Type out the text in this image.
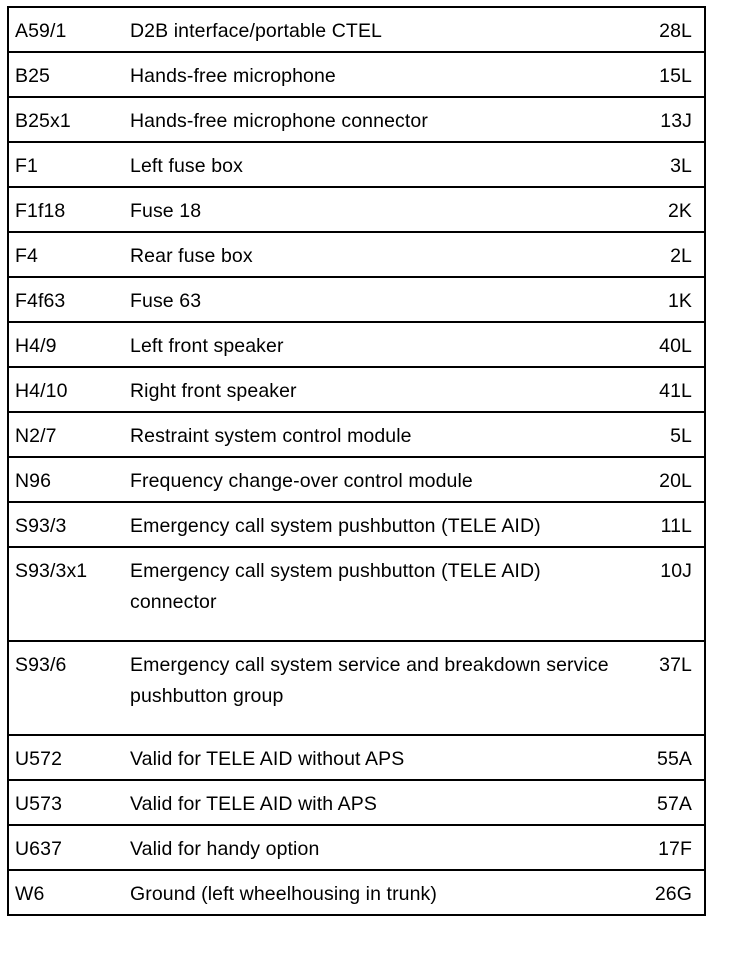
A59/1	D2B interface/portable CTEL	28L
B25	Hands-free microphone	15L
B25x1	Hands-free microphone connector	13J
F1	Left fuse box	3L
F1f18	Fuse 18	2K
F4	Rear fuse box	2L
F4f63	Fuse 63	1K
H4/9	Left front speaker	40L
H4/10	Right front speaker	41L
N2/7	Restraint system control module	5L
N96	Frequency change-over control module	20L
S93/3	Emergency call system pushbutton (TELE AID)	11L
S93/3x1	Emergency call system pushbutton (TELE AID) connector	10J
S93/6	Emergency call system service and breakdown service pushbutton group	37L
U572	Valid for TELE AID without APS	55A
U573	Valid for TELE AID with APS	57A
U637	Valid for handy option	17F
W6	Ground (left wheelhousing in trunk)	26G
